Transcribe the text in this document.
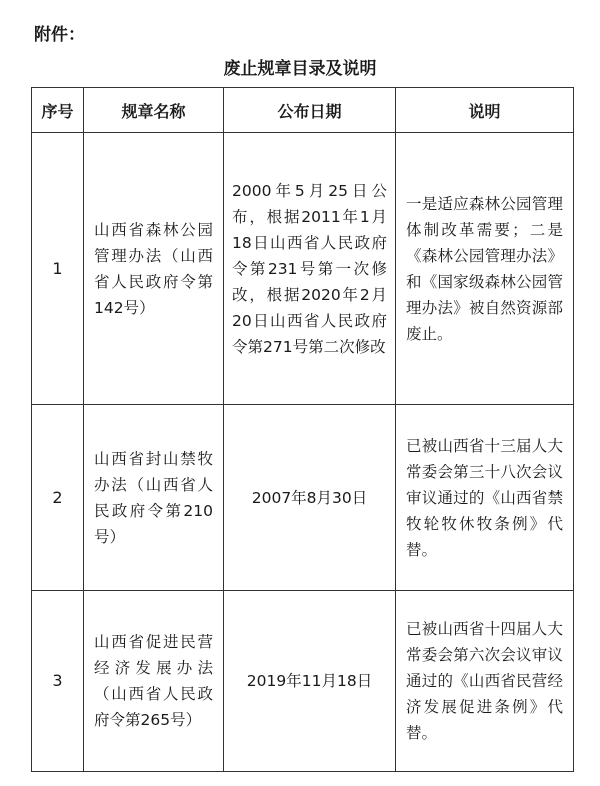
附件：
废止规章目录及说明
序号	规章名称	公布日期	说明
1	山西省森林公园管理办法（山西省人民政府令第142号）	2000年5月25日公布，根据2011年1月18日山西省人民政府令第231号第一次修改，根据2020年2月20日山西省人民政府令第271号第二次修改	一是适应森林公园管理体制改革需要；二是《森林公园管理办法》和《国家级森林公园管理办法》被自然资源部废止。
2	山西省封山禁牧办法（山西省人民政府令第210号）	2007年8月30日	已被山西省十三届人大常委会第三十八次会议审议通过的《山西省禁牧轮牧休牧条例》代替。
3	山西省促进民营经济发展办法（山西省人民政府令第265号）	2019年11月18日	已被山西省十四届人大常委会第六次会议审议通过的《山西省民营经济发展促进条例》代替。
